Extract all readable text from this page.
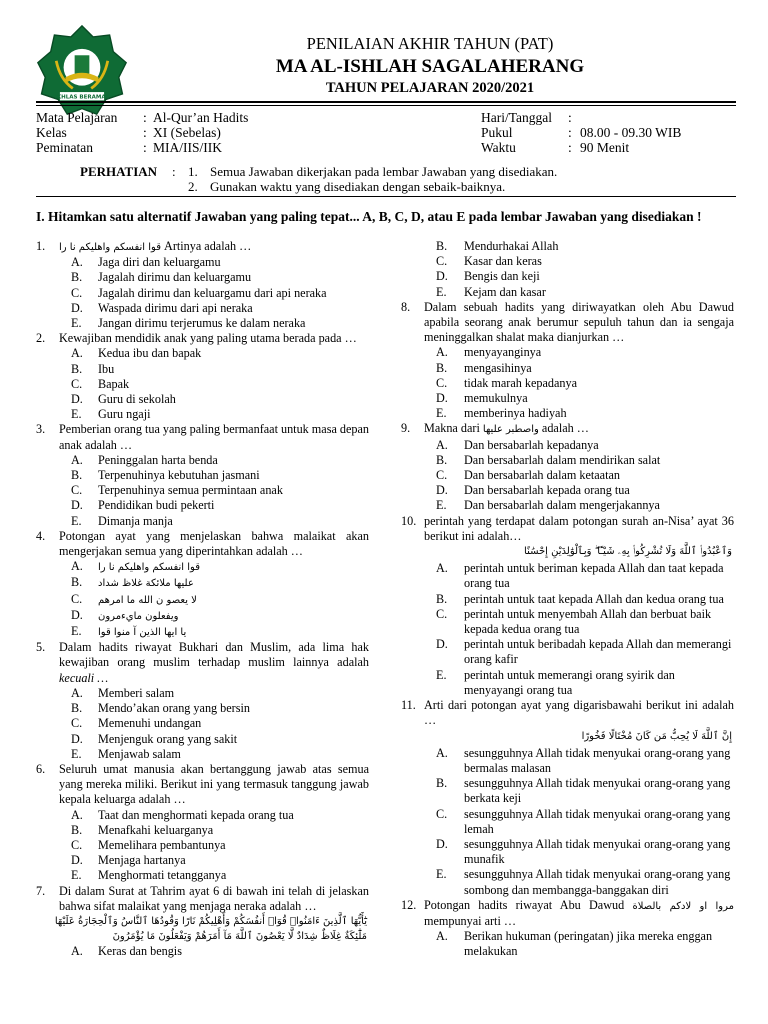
IKHLAS BERAMAL
PENILAIAN AKHIR TAHUN (PAT)
MA AL-ISHLAH SAGALAHERANG
TAHUN PELAJARAN 2020/2021
Mata Pelajaran : Al-Qur’an Hadits
Kelas	: XI (Sebelas)
Peminatan	: MIA/IIS/IIK
Hari/Tanggal :
Pukul	: 08.00 - 09.30 WIB
Waktu	: 90 Menit
PERHATIAN : 1. Semua Jawaban dikerjakan pada lembar Jawaban yang disediakan.
2. Gunakan waktu yang disediakan dengan sebaik-baiknya.
I. Hitamkan satu alternatif Jawaban yang paling tepat... A, B, C, D, atau E pada lembar Jawaban yang disediakan !
1. قوا انفسكم واهليكم نا را Artinya adalah …
A. Jaga diri dan keluargamu
B. Jagalah dirimu dan keluargamu
C. Jagalah dirimu dan keluargamu dari api neraka
D. Waspada dirimu dari api neraka
E. Jangan dirimu terjerumus ke dalam neraka
2. Kewajiban mendidik anak yang paling utama berada pada …
A. Kedua ibu dan bapak
B. Ibu
C. Bapak
D. Guru di sekolah
E. Guru ngaji
3. Pemberian orang tua yang paling bermanfaat untuk masa depan anak adalah …
A. Peninggalan harta benda
B. Terpenuhinya kebutuhan jasmani
C. Terpenuhinya semua permintaan anak
D. Pendidikan budi pekerti
E. Dimanja manja
4. Potongan ayat yang menjelaskan bahwa malaikat akan mengerjakan semua yang diperintahkan adalah …
A. قوا انفسكم واهليكم نا را
B. عليها ملائكة غلاظ شداد
C. لا يعصو ن الله ما امرهم
D. ويفعلون مايءمرون
E. يا ايها الذين آ منوا قوا
5. Dalam hadits riwayat Bukhari dan Muslim, ada lima hak kewajiban orang muslim terhadap muslim lainnya adalah kecuali …
A. Memberi salam
B. Mendo’akan orang yang bersin
C. Memenuhi undangan
D. Menjenguk orang yang sakit
E. Menjawab salam
6. Seluruh umat manusia akan bertanggung jawab atas semua yang mereka miliki. Berikut ini yang termasuk tanggung jawab kepala keluarga adalah …
A. Taat dan menghormati kepada orang tua
B. Menafkahi keluarganya
C. Memelihara pembantunya
D. Menjaga hartanya
E. Menghormati tetangganya
7. Di dalam Surat at Tahrim ayat 6 di bawah ini telah di jelaskan bahwa sifat malaikat yang menjaga neraka adalah …
يَٰٓأَيُّهَا ٱلَّذِينَ ءَامَنُوا۟ قُوٓا۟ أَنفُسَكُمْ وَأَهْلِيكُمْ نَارًا وَقُودُهَا ٱلنَّاسُ وَٱلْحِجَارَةُ عَلَيْهَا
مَلَٰٓئِكَةٌ غِلَاظٌ شِدَادٌ لَّا يَعْصُونَ ٱللَّهَ مَآ أَمَرَهُمْ وَيَفْعَلُونَ مَا يُؤْمَرُونَ
A. Keras dan bengis
B. Mendurhakai Allah
C. Kasar dan keras
D. Bengis dan keji
E. Kejam dan kasar
8. Dalam sebuah hadits yang diriwayatkan oleh Abu Dawud apabila seorang anak berumur sepuluh tahun dan ia sengaja meninggalkan shalat maka dianjurkan …
A. menyayanginya
B. mengasihinya
C. tidak marah kepadanya
D. memukulnya
E. memberinya hadiyah
9. Makna dari واصطبر عليها adalah …
A. Dan bersabarlah kepadanya
B. Dan bersabarlah dalam mendirikan salat
C. Dan bersabarlah dalam ketaatan
D. Dan bersabarlah kepada orang tua
E. Dan bersabarlah dalam mengerjakannya
10. perintah yang terdapat dalam potongan surah an-Nisa’ ayat 36 berikut ini adalah…
وَٱعْبُدُوا۟ ٱللَّهَ وَلَا تُشْرِكُوا۟ بِهِۦ شَيْـًٔا ۖ وَبِٱلْوَٰلِدَيْنِ إِحْسَٰنًا
A. perintah untuk beriman kepada Allah dan taat kepada orang tua
B. perintah untuk taat kepada Allah dan kedua orang tua
C. perintah untuk menyembah Allah dan berbuat baik kepada kedua orang tua
D. perintah untuk beribadah kepada Allah dan memerangi orang kafir
E. perintah untuk memerangi orang syirik dan menyayangi orang tua
11. Arti dari potongan ayat yang digarisbawahi berikut ini adalah …
إِنَّ ٱللَّهَ لَا يُحِبُّ مَن كَانَ مُخْتَالًا فَخُورًا
A. sesungguhnya Allah tidak menyukai orang-orang yang bermalas malasan
B. sesungguhnya Allah tidak menyukai orang-orang yang berkata keji
C. sesungguhnya Allah tidak menyukai orang-orang yang lemah
D. sesungguhnya Allah tidak menyukai orang-orang yang munafik
E. sesungguhnya Allah tidak menyukai orang-orang yang sombong dan membangga-banggakan diri
12. Potongan hadits riwayat Abu Dawud مروا او لادكم بالصلاة mempunyai arti …
A. Berikan hukuman (peringatan) jika mereka enggan melakukan
